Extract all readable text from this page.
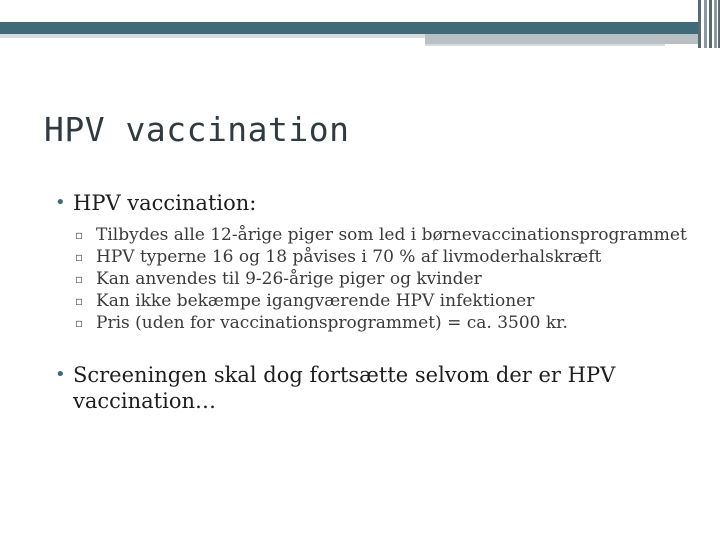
HPV vaccination
• HPV vaccination:
▫ Tilbydes alle 12-årige piger som led i børnevaccinationsprogrammet
▫ HPV typerne 16 og 18 påvises i 70 % af livmoderhalskræft
▫ Kan anvendes til 9-26-årige piger og kvinder
▫ Kan ikke bekæmpe igangværende HPV infektioner
▫ Pris (uden for vaccinationsprogrammet) = ca. 3500 kr.
• Screeningen skal dog fortsætte selvom der er HPV vaccination…
